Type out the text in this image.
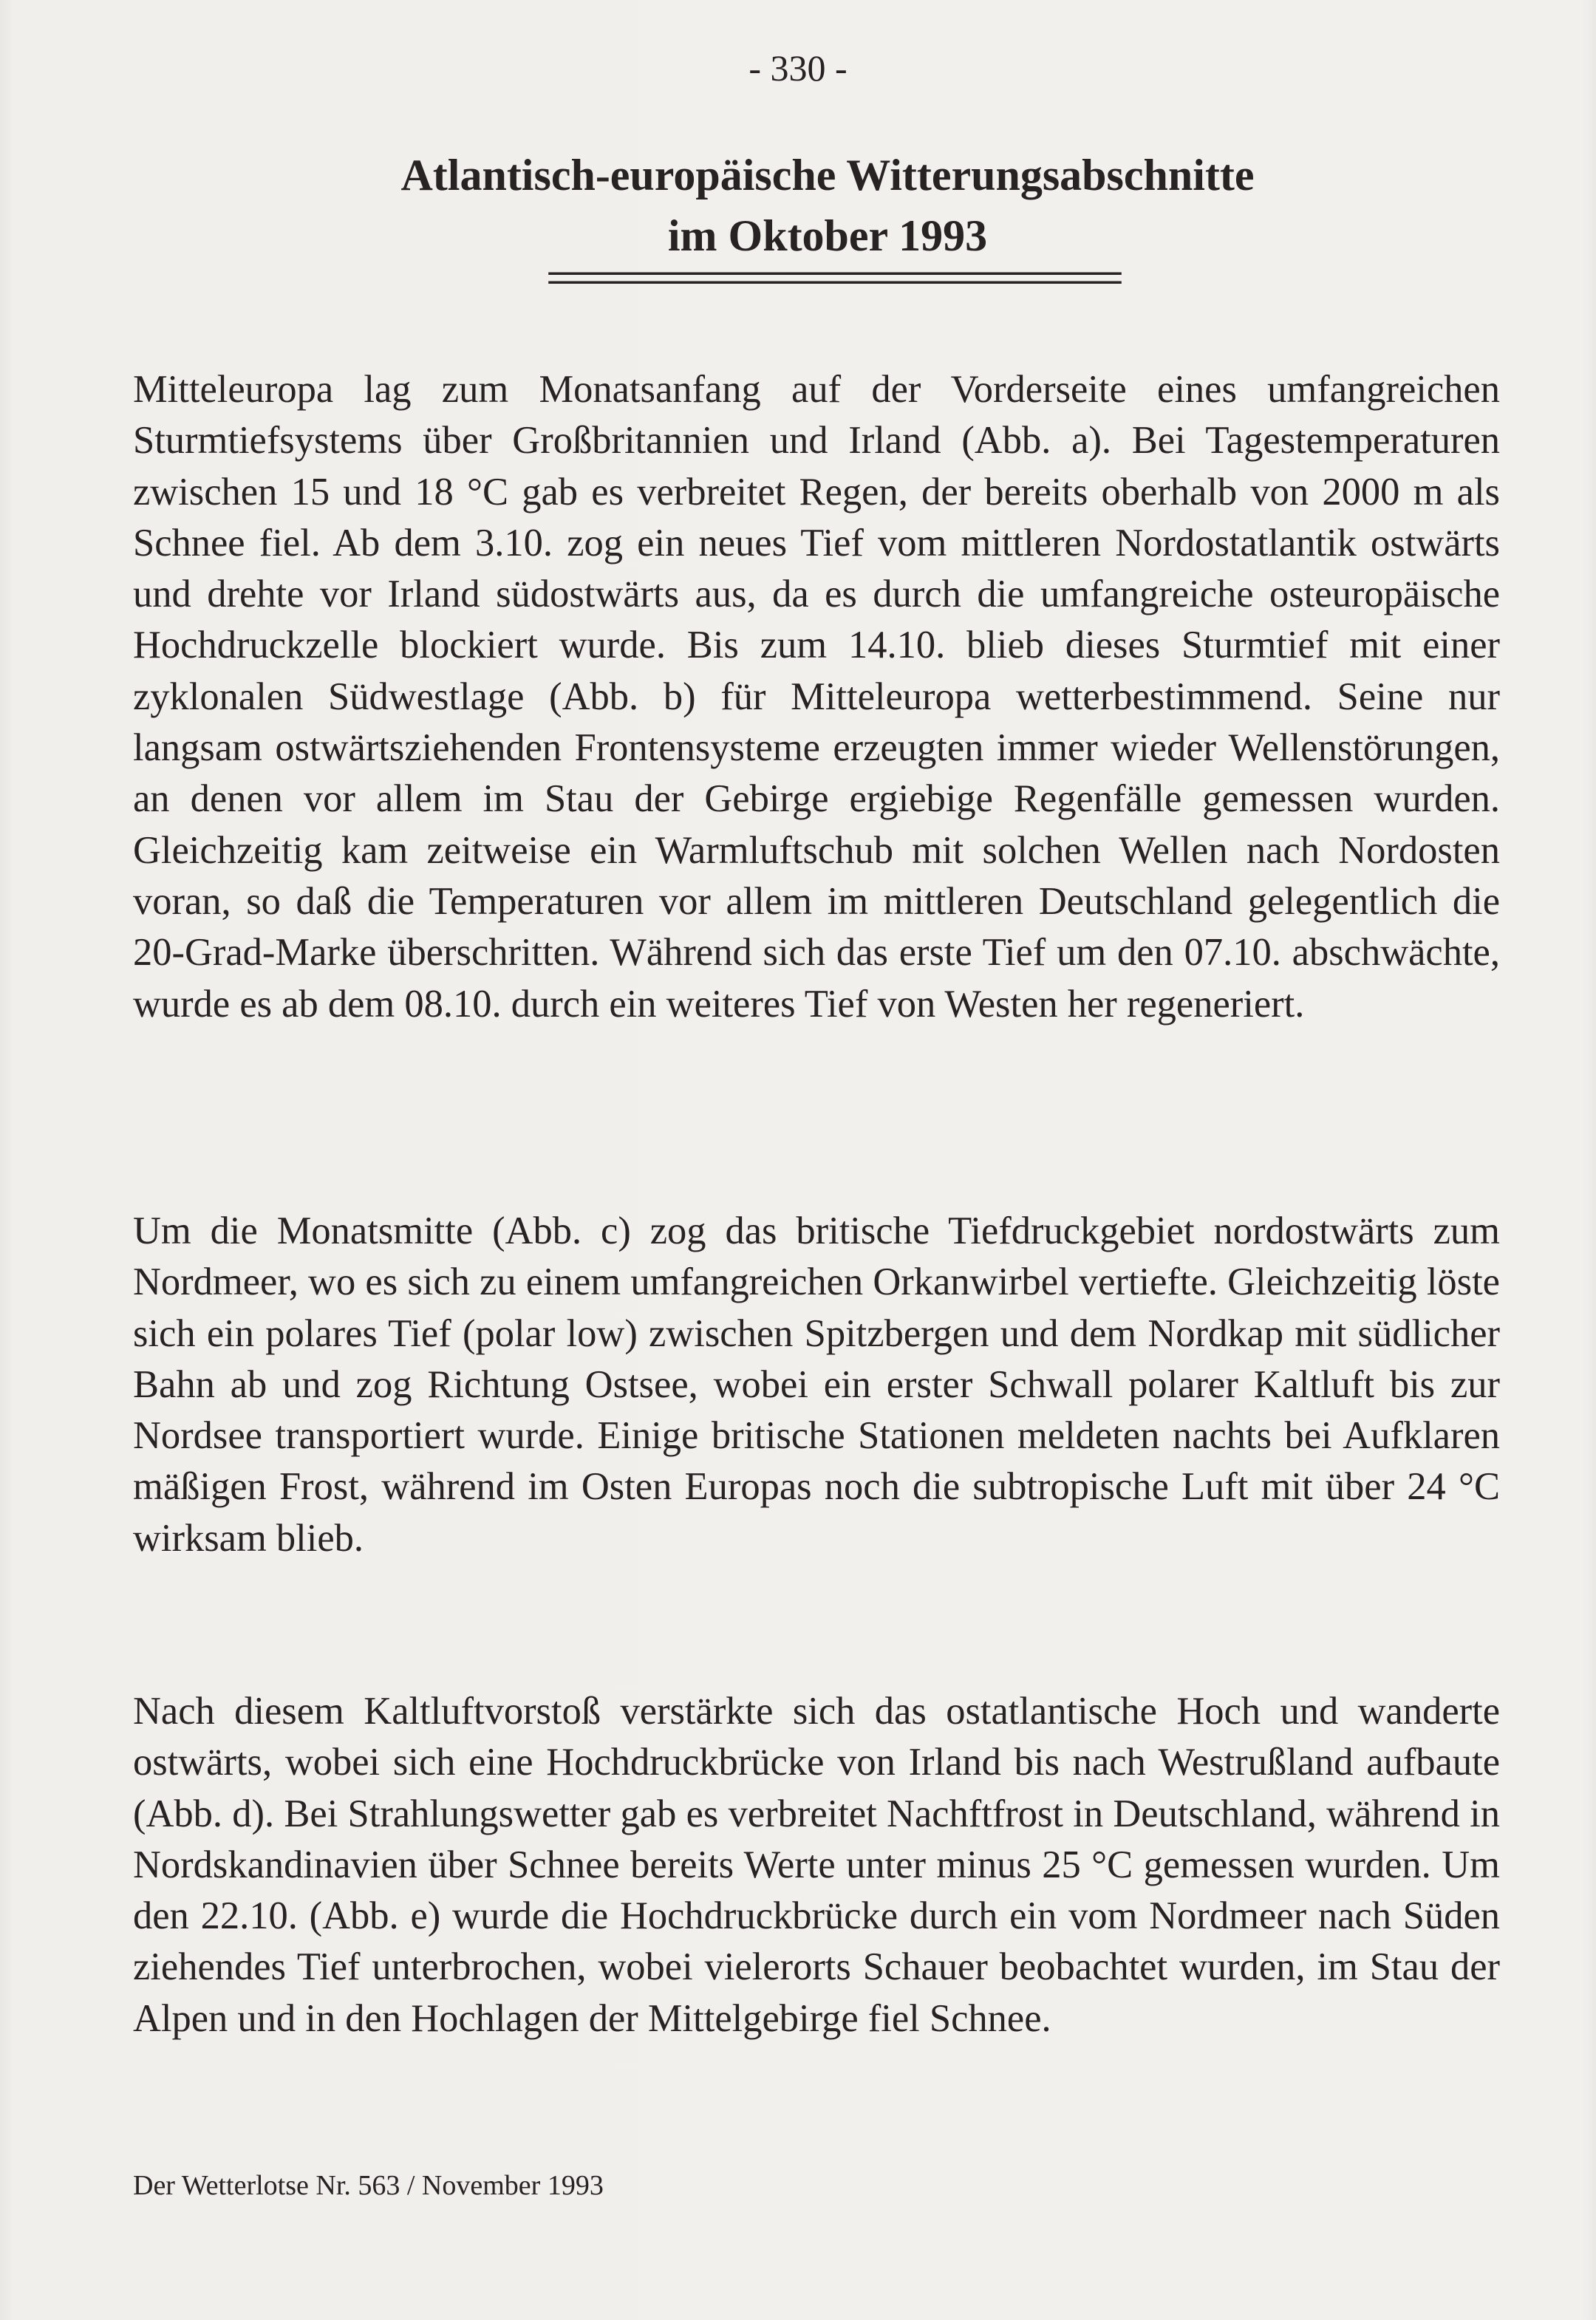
- 330 -
Atlantisch-europäische Witterungsabschnitte
im Oktober 1993
=========================================

Mitteleuropa lag zum Monatsanfang auf der Vorderseite eines umfangreichen Sturmtiefsystems über Großbritannien und Irland (Abb. a). Bei Tagestemperaturen zwischen 15 und 18 °C gab es verbreitet Regen, der bereits oberhalb von 2000 m als Schnee fiel. Ab dem 3.10. zog ein neues Tief vom mittleren Nordostatlantik ostwärts und drehte vor Irland südostwärts aus, da es durch die umfangreiche osteuropäische Hochdruckzelle blockiert wurde. Bis zum 14.10. blieb dieses Sturmtief mit einer zyklonalen Südwestlage (Abb. b) für Mitteleuropa wetterbestimmend. Seine nur langsam ostwärtsziehenden Frontensysteme erzeugten immer wieder Wellenstörungen, an denen vor allem im Stau der Gebirge ergiebige Regenfälle gemessen wurden. Gleichzeitig kam zeitweise ein Warmluftschub mit solchen Wellen nach Nordosten voran, so daß die Temperaturen vor allem im mittleren Deutschland gelegentlich die 20-Grad-Marke überschritten. Während sich das erste Tief um den 07.10. abschwächte, wurde es ab dem 08.10. durch ein weiteres Tief von Westen her regeneriert.

Um die Monatsmitte (Abb. c) zog das britische Tiefdruckgebiet nordostwärts zum Nordmeer, wo es sich zu einem umfangreichen Orkanwirbel vertiefte. Gleichzeitig löste sich ein polares Tief (polar low) zwischen Spitzbergen und dem Nordkap mit südlicher Bahn ab und zog Richtung Ostsee, wobei ein erster Schwall polarer Kaltluft bis zur Nordsee transportiert wurde. Einige britische Stationen meldeten nachts bei Aufklaren mäßigen Frost, während im Osten Europas noch die subtropische Luft mit über 24 °C wirksam blieb.

Nach diesem Kaltluftvorstoß verstärkte sich das ostatlantische Hoch und wanderte ostwärts, wobei sich eine Hochdruckbrücke von Irland bis nach Westrußland aufbaute (Abb. d). Bei Strahlungswetter gab es verbreitet Nachftfrost in Deutschland, während in Nordskandinavien über Schnee bereits Werte unter minus 25 °C gemessen wurden. Um den 22.10. (Abb. e) wurde die Hochdruckbrücke durch ein vom Nordmeer nach Süden ziehendes Tief unterbrochen, wobei vielerorts Schauer beobachtet wurden, im Stau der Alpen und in den Hochlagen der Mittelgebirge fiel Schnee.

Der Wetterlotse Nr. 563 / November 1993
